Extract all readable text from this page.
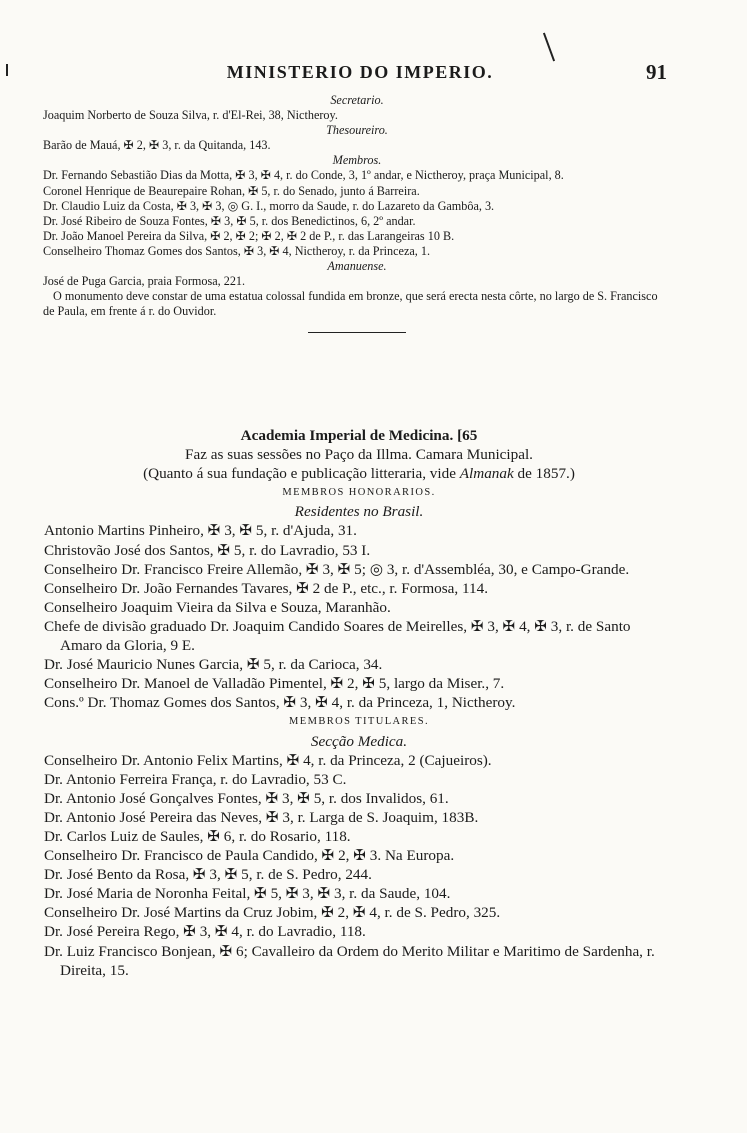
MINISTERIO DO IMPERIO.	91
Secretario.
Joaquim Norberto de Souza Silva, r. d'El-Rei, 38, Nictheroy.
Thesoureiro.
Barão de Mauá, ✠ 2, ✠ 3, r. da Quitanda, 143.
Membros.
Dr. Fernando Sebastião Dias da Motta, ✠ 3, ✠ 4, r. do Conde, 3, 1º andar, e Nictheroy, praça Municipal, 8.
Coronel Henrique de Beaurepaire Rohan, ✠ 5, r. do Senado, junto á Barreira.
Dr. Claudio Luiz da Costa, ✠ 3, ✠ 3, ◎ G. I., morro da Saude, r. do Lazareto da Gambôa, 3.
Dr. José Ribeiro de Souza Fontes, ✠ 3, ✠ 5, r. dos Benedictinos, 6, 2º andar.
Dr. João Manoel Pereira da Silva, ✠ 2, ✠ 2; ✠ 2, ✠ 2 de P., r. das Larangeiras 10 B.
Conselheiro Thomaz Gomes dos Santos, ✠ 3, ✠ 4, Nictheroy, r. da Princeza, 1.
Amanuense.
José de Puga Garcia, praia Formosa, 221.
O monumento deve constar de uma estatua colossal fundida em bronze, que será erecta nesta côrte, no largo de S. Francisco de Paula, em frente á r. do Ouvidor.
Academia Imperial de Medicina. [65
Faz as suas sessões no Paço da Illma. Camara Municipal.
(Quanto á sua fundação e publicação litteraria, vide Almanak de 1857.)
MEMBROS HONORARIOS.
Residentes no Brasil.
Antonio Martins Pinheiro, ✠ 3, ✠ 5, r. d'Ajuda, 31.
Christovão José dos Santos, ✠ 5, r. do Lavradio, 53 I.
Conselheiro Dr. Francisco Freire Allemão, ✠ 3, ✠ 5; ◎ 3, r. d'Assembléa, 30, e Campo-Grande.
Conselheiro Dr. João Fernandes Tavares, ✠ 2 de P., etc., r. Formosa, 114.
Conselheiro Joaquim Vieira da Silva e Souza, Maranhão.
Chefe de divisão graduado Dr. Joaquim Candido Soares de Meirelles, ✠ 3, ✠ 4, ✠ 3, r. de Santo Amaro da Gloria, 9 E.
Dr. José Mauricio Nunes Garcia, ✠ 5, r. da Carioca, 34.
Conselheiro Dr. Manoel de Valladão Pimentel, ✠ 2, ✠ 5, largo da Miser., 7.
Cons.º Dr. Thomaz Gomes dos Santos, ✠ 3, ✠ 4, r. da Princeza, 1, Nictheroy.
MEMBROS TITULARES.
Secção Medica.
Conselheiro Dr. Antonio Felix Martins, ✠ 4, r. da Princeza, 2 (Cajueiros).
Dr. Antonio Ferreira França, r. do Lavradio, 53 C.
Dr. Antonio José Gonçalves Fontes, ✠ 3, ✠ 5, r. dos Invalidos, 61.
Dr. Antonio José Pereira das Neves, ✠ 3, r. Larga de S. Joaquim, 183B.
Dr. Carlos Luiz de Saules, ✠ 6, r. do Rosario, 118.
Conselheiro Dr. Francisco de Paula Candido, ✠ 2, ✠ 3. Na Europa.
Dr. José Bento da Rosa, ✠ 3, ✠ 5, r. de S. Pedro, 244.
Dr. José Maria de Noronha Feital, ✠ 5, ✠ 3, ✠ 3, r. da Saude, 104.
Conselheiro Dr. José Martins da Cruz Jobim, ✠ 2, ✠ 4, r. de S. Pedro, 325.
Dr. José Pereira Rego, ✠ 3, ✠ 4, r. do Lavradio, 118.
Dr. Luiz Francisco Bonjean, ✠ 6; Cavalleiro da Ordem do Merito Militar e Maritimo de Sardenha, r. Direita, 15.
